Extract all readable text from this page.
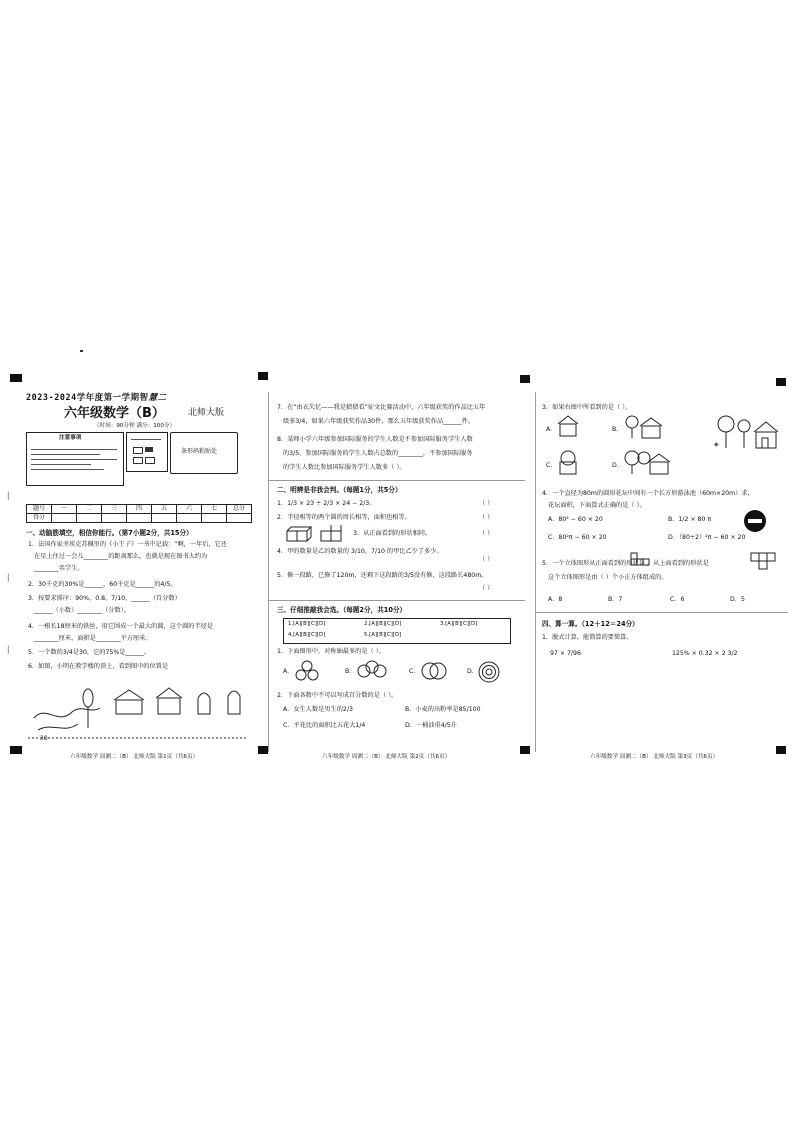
2023-2024学年度第一学期智慧二
六年级数学（B）	北师大版
（时间：90分钟 满分：100分）
注意事项
条形码粘贴处
题号	一	二	三	四	五	六	七	总分
得分								
一、动脑筋填空，相信你能行。（第7小题2分，共15分）
1．法国作家圣埃克苏佩里的《小王子》一书中记载：“啊，一年后，它还
在星上住过一会儿________的距离那么，也就是现在图书大约为
________名学生。
2．30千克的30%是______，60千克是______的4/5。
3．按要求排序：90%、0.8、7/10、______（百分数）
______（小数）________（分数）。
4．一根长18厘米的铁丝，用它围成一个最大的圆，这个圆的半径是
________厘米，面积是________平方厘米。
5．一个数的3/4是30，它的75%是______。
6．如图，小明在教学楼的顶上，看到图中的位置是
30
7．在“由衣失忆——我是猜猜看”征文比赛活动中，六年级获奖的作品比五年
级多3/4，如果六年级获奖作品30件，那么五年级获奖作品______件。
8．某师小学六年级参加国际服务的学生人数是不参加国际服务学生人数
的3/5，参加国际服务的学生人数占总数的________，不参加国际服务
的学生人数比参加国际服务学生人数多（ ）。
二、明辨是非我会判。（每题1分，共5分）
1．1/3 × 23 ÷ 2/3 × 24 − 2/3。	（ ）
2．半径相等的两个圆的周长相等，面积也相等。	（ ）
3．从正面看到的形状相同。	（ ）
4．甲的数量是乙的数量的 3/10，7/10 的甲比乙少了多少。
（ ）
5．修一段路，已修了120m，还剩下这段路的3/5没有修，这段路长480m。
（ ）
三、仔细推敲我会选。（每题2分，共10分）
1.[A][B][C][D]	2.[A][B][C][D]	3.[A][B][C][D]
4.[A][B][C][D]	5.[A][B][C][D]
1．下面图形中，对称轴最多的是（ ）。
A.	B.	C.	D.
2．下面各数中不可以写成百分数的是（ ）。
A．女生人数是男生的2/3	B．小麦的出粉率是85/100
C．平花比的面积比五花大1/4	D．一桶油重4/5升
3．如果右图中所看到的是（ ）。
A.	B.
◈
C.	D.
4．一个直径为80m的圆形花坛中间有一个长方形游泳池（60m×20m）求，
花坛面积，下面算式正确的是（ ）。
A．80² − 60 × 20	B．1/2 × 80 π
C．80²π − 60 × 20	D．（80÷2）²π − 60 × 20
5．一个立体图形从正面看到的形状是 ，从上面看到的形状是
这个立体图形是由（ ）个小正方体组成的。
A．8	B．7	C．6	D．5
四、算一算。（12＋12＝24分）
1．脱式计算，能简算的要简算。
97 × 7/96	125% × 0.32 × 2 3/2
六年级数学 周测二（B） 北师大版 第1页（共6页）	六年级数学 周测二（B） 北师大版 第2页（共6页）	六年级数学 周测二（B） 北师大版 第3页（共6页）
│
│
│
